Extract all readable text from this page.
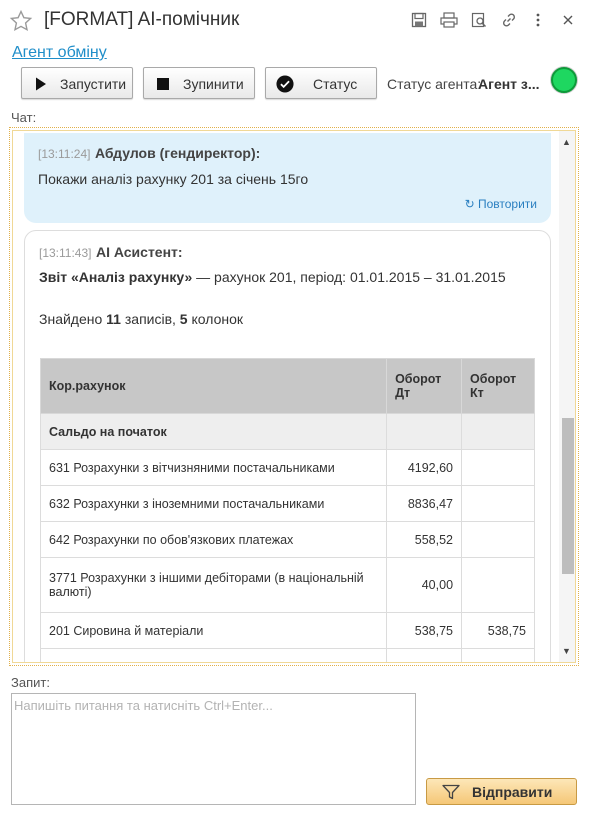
[FORMAT] AI-помічник
Агент обміну
Запустити	Зупинити	Статус Статус агента:
Агент з...
Чат:
[13:11:24] Абдулов (гендиректор):
Покажи аналіз рахунку 201 за січень 15го
↻ Повторити
[13:11:43] AI Асистент:
Звіт «Аналіз рахунку» — рахунок 201, період: 01.01.2015 – 31.01.2015
Знайдено 11 записів, 5 колонок
Кор.рахунок	Оборот Дт	Оборот Кт
Сальдо на початок		
631 Розрахунки з вітчизняними постачальниками	4192,60	
632 Розрахунки з іноземними постачальниками	8836,47	
642 Розрахунки по обов'язкових платежах	558,52	
3771 Розрахунки з іншими дебіторами (в національній валюті)	40,00	
201 Сировина й матеріали	538,75	538,75

▲
▼
Запит:
Напишіть питання та натисніть Ctrl+Enter...
Відправити
